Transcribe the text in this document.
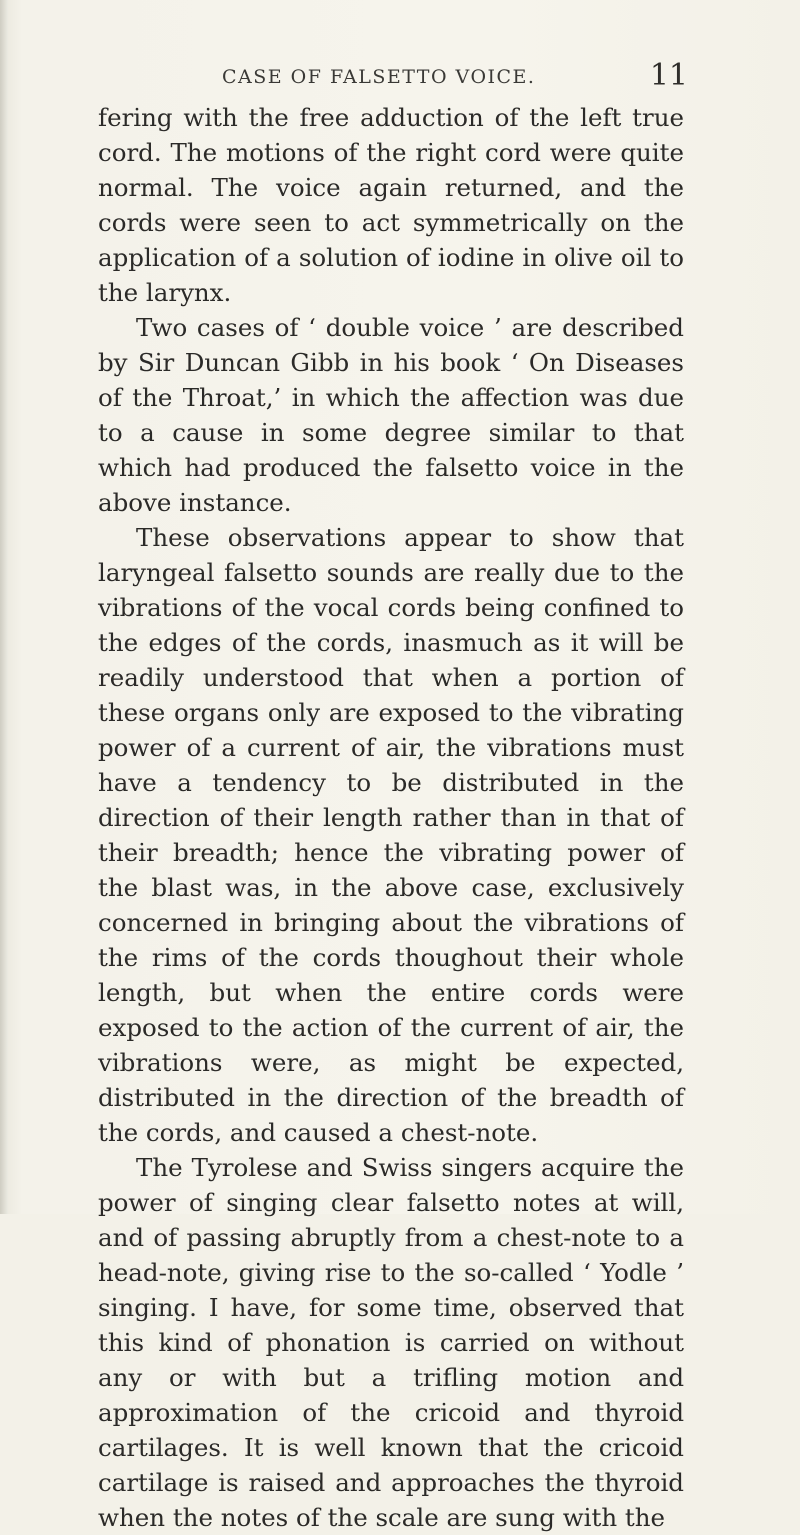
CASE OF FALSETTO VOICE.	11

fering with the free adduction of the left true cord. The motions of the right cord were quite normal. The voice again returned, and the cords were seen to act symmetrically on the application of a solution of iodine in olive oil to the larynx.

Two cases of ‘ double voice ’ are described by Sir Duncan Gibb in his book ‘ On Diseases of the Throat,’ in which the affection was due to a cause in some degree similar to that which had produced the falsetto voice in the above instance.

These observations appear to show that laryngeal falsetto sounds are really due to the vibrations of the vocal cords being confined to the edges of the cords, inasmuch as it will be readily understood that when a portion of these organs only are exposed to the vibrating power of a current of air, the vibrations must have a tendency to be distributed in the direction of their length rather than in that of their breadth; hence the vibrating power of the blast was, in the above case, exclusively concerned in bringing about the vibrations of the rims of the cords thoughout their whole length, but when the entire cords were exposed to the action of the current of air, the vibrations were, as might be expected, distributed in the direction of the breadth of the cords, and caused a chest-note.

The Tyrolese and Swiss singers acquire the power of singing clear falsetto notes at will, and of passing abruptly from a chest-note to a head-note, giving rise to the so-called ‘ Yodle ’ singing. I have, for some time, observed that this kind of phonation is carried on without any or with but a trifling motion and approximation of the cricoid and thyroid cartilages. It is well known that the cricoid cartilage is raised and approaches the thyroid when the notes of the scale are sung with the
